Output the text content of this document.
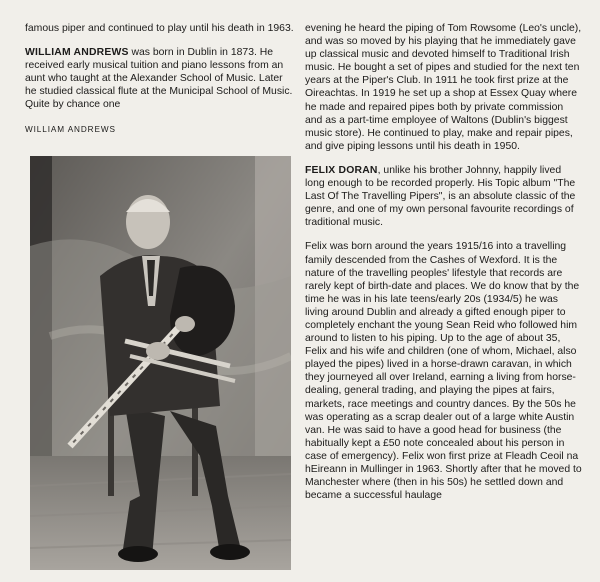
famous piper and continued to play until his death in 1963.

WILLIAM ANDREWS was born in Dublin in 1873. He received early musical tuition and piano lessons from an aunt who taught at the Alexander School of Music. Later he studied classical flute at the Municipal School of Music. Quite by chance one

WILLIAM ANDREWS

evening he heard the piping of Tom Rowsome (Leo's uncle), and was so moved by his playing that he immediately gave up classical music and devoted himself to Traditional Irish music. He bought a set of pipes and studied for the next ten years at the Piper's Club. In 1911 he took first prize at the Oireachtas. In 1919 he set up a shop at Essex Quay where he made and repaired pipes both by private commission and as a part-time employee of Waltons (Dublin's biggest music store). He continued to play, make and repair pipes, and give piping lessons until his death in 1950.

FELIX DORAN, unlike his brother Johnny, happily lived long enough to be recorded properly. His Topic album "The Last Of The Travelling Pipers", is an absolute classic of the genre, and one of my own personal favourite recordings of traditional music.

Felix was born around the years 1915/16 into a travelling family descended from the Cashes of Wexford. It is the nature of the travelling peoples' lifestyle that records are rarely kept of birth-date and places. We do know that by the time he was in his late teens/early 20s (1934/5) he was living around Dublin and already a gifted enough piper to completely enchant the young Sean Reid who followed him around to listen to his piping. Up to the age of about 35, Felix and his wife and children (one of whom, Michael, also played the pipes) lived in a horse-drawn caravan, in which they journeyed all over Ireland, earning a living from horse-dealing, general trading, and playing the pipes at fairs, markets, race meetings and country dances. By the 50s he was operating as a scrap dealer out of a large white Austin van. He was said to have a good head for business (the habitually kept a £50 note concealed about his person in case of emergency). Felix won first prize at Fleadh Ceoil na hEireann in Mullinger in 1963. Shortly after that he moved to Manchester where (then in his 50s) he settled down and became a successful haulage
